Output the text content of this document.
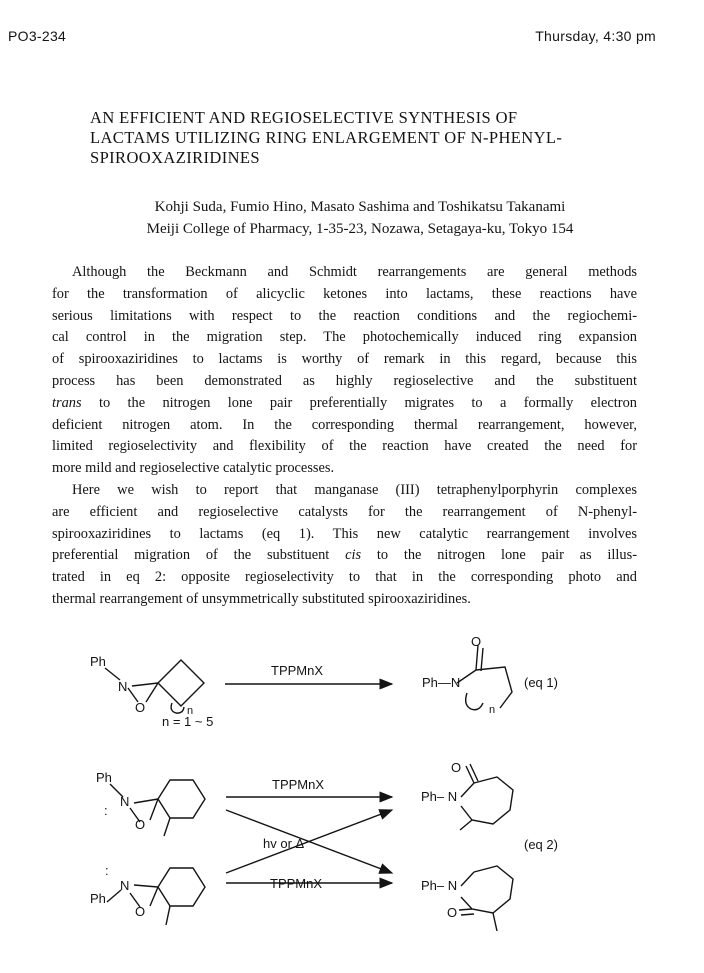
PO3-234	Thursday, 4:30 pm
AN EFFICIENT AND REGIOSELECTIVE SYNTHESIS OF
LACTAMS UTILIZING RING ENLARGEMENT OF N-PHENYL-
SPIROOXAZIRIDINES
Kohji Suda, Fumio Hino, Masato Sashima and Toshikatsu Takanami
Meiji College of Pharmacy, 1-35-23, Nozawa, Setagaya-ku, Tokyo 154
Although the Beckmann and Schmidt rearrangements are general methods
for the transformation of alicyclic ketones into lactams, these reactions have
serious limitations with respect to the reaction conditions and the regiochemi-
cal control in the migration step. The photochemically induced ring expansion
of spirooxaziridines to lactams is worthy of remark in this regard, because this
process has been demonstrated as highly regioselective and the substituent
trans to the nitrogen lone pair preferentially migrates to a formally electron
deficient nitrogen atom. In the corresponding thermal rearrangement, however,
limited regioselectivity and flexibility of the reaction have created the need for
more mild and regioselective catalytic processes.
Here we wish to report that manganase (III) tetraphenylporphyrin complexes
are efficient and regioselective catalysts for the rearrangement of N-phenyl-
spirooxaziridines to lactams (eq 1). This new catalytic rearrangement involves
preferential migration of the substituent cis to the nitrogen lone pair as illus-
trated in eq 2: opposite regioselectivity to that in the corresponding photo and
thermal rearrangement of unsymmetrically substituted spirooxaziridines.
Ph
N
O	n
n = 1 ~ 5
TPPMnX
Ph—N
O
n
(eq 1)
Ph
N
:
O
TPPMnX
hv or Δ
:
N
Ph
O
TPPMnX
O
Ph– N
Ph– N
O
(eq 2)
